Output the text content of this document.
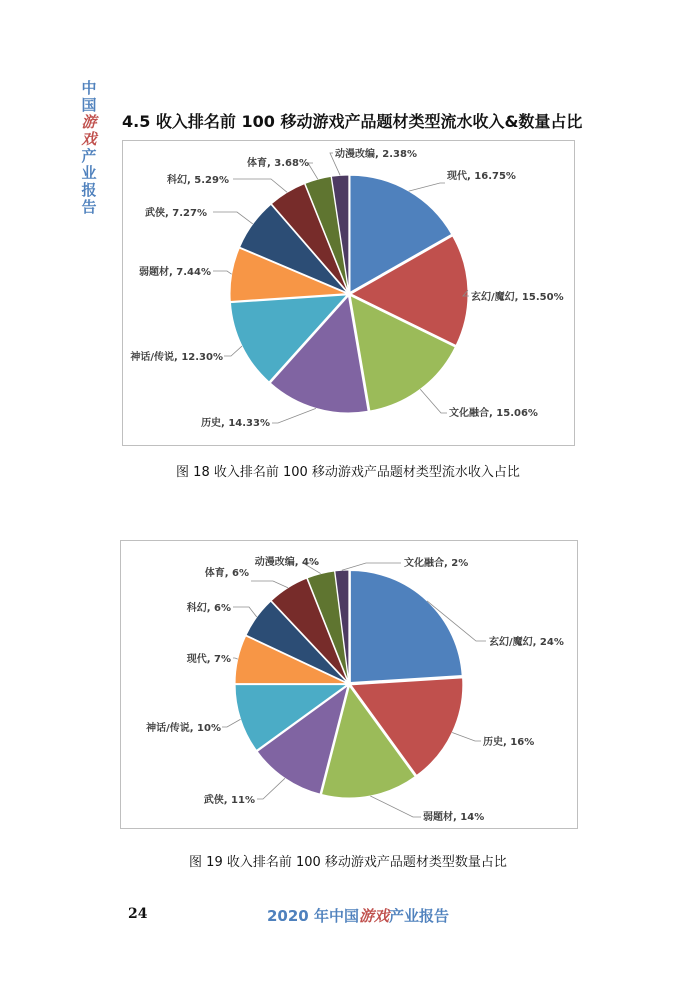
中
国
游
戏
产
业
报
告
4.5 收入排名前 100 移动游戏产品题材类型流水收入&数量占比
现代, 16.75%
玄幻/魔幻, 15.50%
文化融合, 15.06%
历史, 14.33%
神话/传说, 12.30%
弱题材, 7.44%
武侠, 7.27%
科幻, 5.29%
体育, 3.68%
动漫改编, 2.38%
图 18 收入排名前 100 移动游戏产品题材类型流水收入占比
玄幻/魔幻, 24%
历史, 16%
弱题材, 14%
武侠, 11%
神话/传说, 10%
现代, 7%
科幻, 6%
体育, 6%
动漫改编, 4%	文化融合, 2%
图 19 收入排名前 100 移动游戏产品题材类型数量占比
24	2020 年中国游戏产业报告
